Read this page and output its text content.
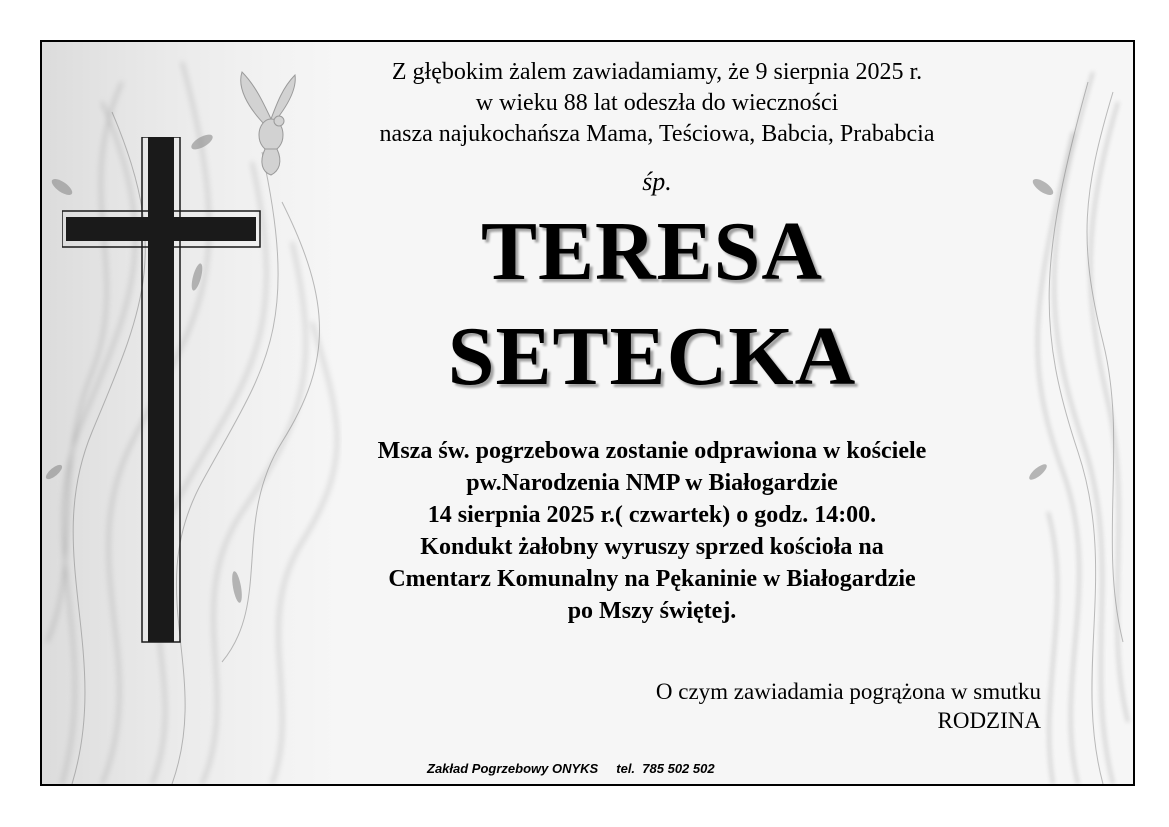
Z głębokim żalem zawiadamiamy, że 9 sierpnia 2025 r.
w wieku 88 lat odeszła do wieczności
nasza najukochańsza Mama, Teściowa, Babcia, Prababcia
śp.
TERESA
SETECKA
Msza św. pogrzebowa zostanie odprawiona w kościele
pw.Narodzenia NMP w Białogardzie
14 sierpnia 2025 r.( czwartek) o godz. 14:00.
Kondukt żałobny wyruszy sprzed kościoła na
Cmentarz Komunalny na Pękaninie w Białogardzie
po Mszy świętej.
O czym zawiadamia pogrążona w smutku
RODZINA
Zakład Pogrzebowy ONYKS tel. 785 502 502
